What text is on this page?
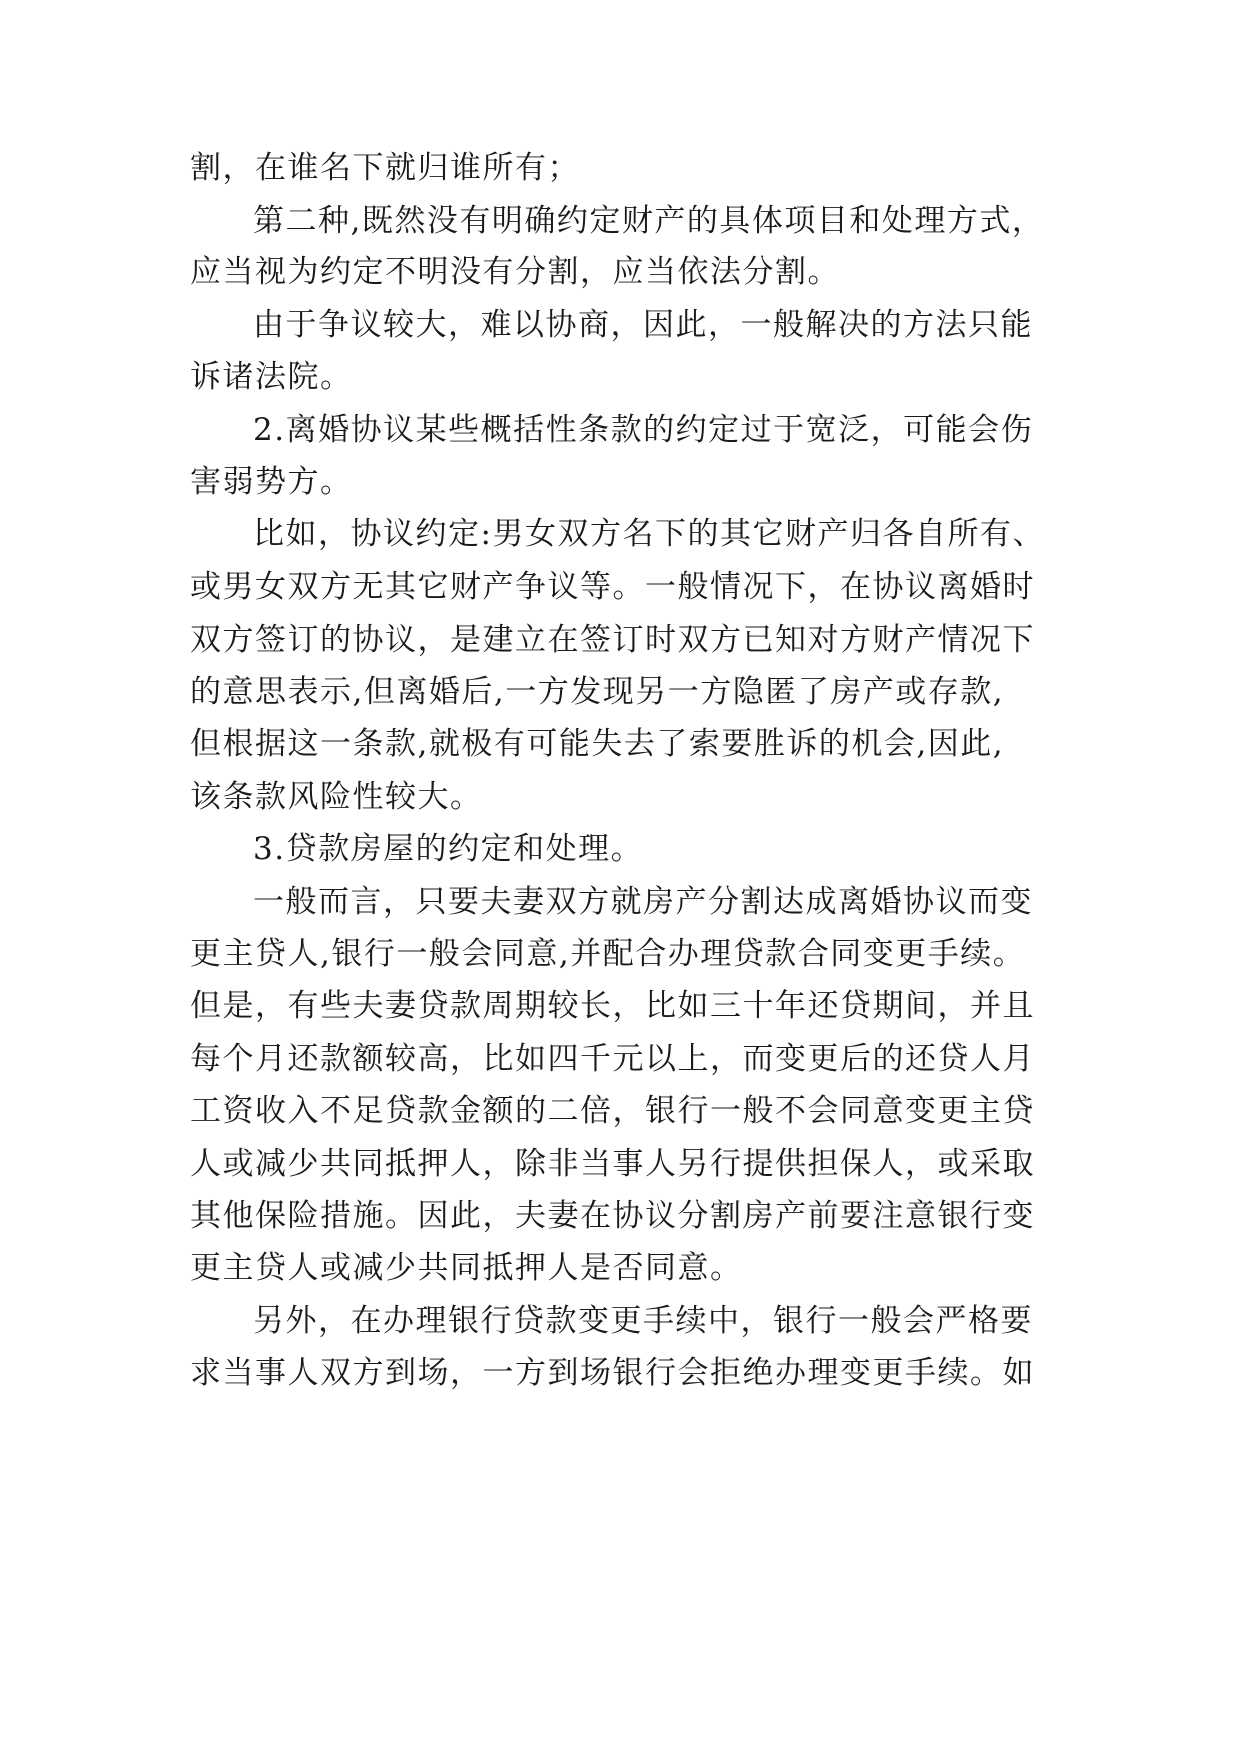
割，在谁名下就归谁所有；
第二种,既然没有明确约定财产的具体项目和处理方式，
应当视为约定不明没有分割，应当依法分割。
由于争议较大，难以协商，因此，一般解决的方法只能
诉诸法院。
2.离婚协议某些概括性条款的约定过于宽泛，可能会伤
害弱势方。
比如，协议约定:男女双方名下的其它财产归各自所有、
或男女双方无其它财产争议等。一般情况下，在协议离婚时
双方签订的协议，是建立在签订时双方已知对方财产情况下
的意思表示,但离婚后,一方发现另一方隐匿了房产或存款,
但根据这一条款,就极有可能失去了索要胜诉的机会,因此,
该条款风险性较大。
3.贷款房屋的约定和处理。
一般而言，只要夫妻双方就房产分割达成离婚协议而变
更主贷人,银行一般会同意,并配合办理贷款合同变更手续。
但是，有些夫妻贷款周期较长，比如三十年还贷期间，并且
每个月还款额较高，比如四千元以上，而变更后的还贷人月
工资收入不足贷款金额的二倍，银行一般不会同意变更主贷
人或减少共同抵押人，除非当事人另行提供担保人，或采取
其他保险措施。因此，夫妻在协议分割房产前要注意银行变
更主贷人或减少共同抵押人是否同意。
另外，在办理银行贷款变更手续中，银行一般会严格要
求当事人双方到场，一方到场银行会拒绝办理变更手续。如
